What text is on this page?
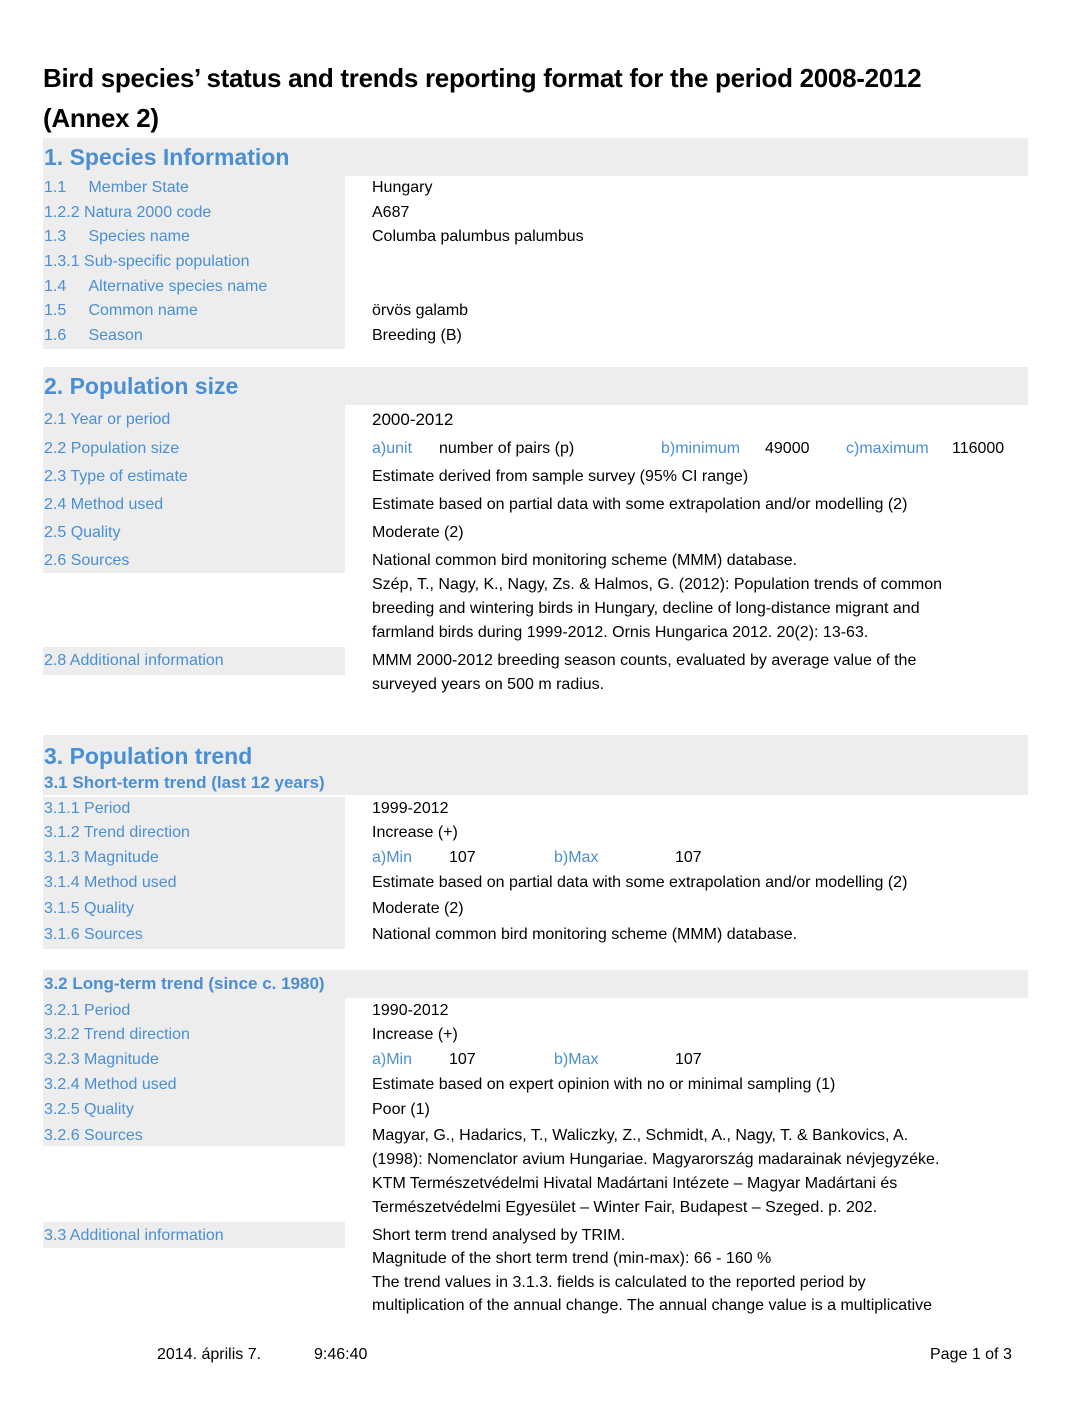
Bird species’ status and trends reporting format for the period 2008-2012
(Annex 2)
1. Species Information
1.1     Member State	Hungary
1.2.2 Natura 2000 code	A687
1.3     Species name	Columba palumbus palumbus
1.3.1 Sub-specific population
1.4     Alternative species name
1.5     Common name	örvös galamb
1.6     Season	Breeding (B)
2. Population size
2.1 Year or period	2000-2012
2.2 Population size	a)unit number of pairs (p)	b)minimum 49000 c)maximum 116000
2.3 Type of estimate	Estimate derived from sample survey (95% CI range)
2.4 Method used	Estimate based on partial data with some extrapolation and/or modelling (2)
2.5 Quality	Moderate (2)
2.6 Sources	National common bird monitoring scheme (MMM) database.
Szép, T., Nagy, K., Nagy, Zs. & Halmos, G. (2012): Population trends of common
breeding and wintering birds in Hungary, decline of long-distance migrant and
farmland birds during 1999-2012. Ornis Hungarica 2012. 20(2): 13-63.
2.8 Additional information	MMM 2000-2012 breeding season counts, evaluated by average value of the
surveyed years on 500 m radius.
3. Population trend
3.1 Short-term trend (last 12 years)
3.1.1 Period	1999-2012
3.1.2 Trend direction	Increase (+)
3.1.3 Magnitude	a)Min 107	b)Max	107
3.1.4 Method used	Estimate based on partial data with some extrapolation and/or modelling (2)
3.1.5 Quality	Moderate (2)
3.1.6 Sources	National common bird monitoring scheme (MMM) database.
3.2 Long-term trend (since c. 1980)
3.2.1 Period	1990-2012
3.2.2 Trend direction	Increase (+)
3.2.3 Magnitude	a)Min 107	b)Max	107
3.2.4 Method used	Estimate based on expert opinion with no or minimal sampling (1)
3.2.5 Quality	Poor (1)
3.2.6 Sources	Magyar, G., Hadarics, T., Waliczky, Z., Schmidt, A., Nagy, T. & Bankovics, A.
(1998): Nomenclator avium Hungariae. Magyarország madarainak névjegyzéke.
KTM Természetvédelmi Hivatal Madártani Intézete – Magyar Madártani és
Természetvédelmi Egyesület – Winter Fair, Budapest – Szeged. p. 202.
3.3 Additional information	Short term trend analysed by TRIM.
Magnitude of the short term trend (min-max): 66 - 160 %
The trend values in 3.1.3. fields is calculated to the reported period by
multiplication of the annual change. The annual change value is a multiplicative
2014. április 7.	9:46:40	Page 1 of 3
